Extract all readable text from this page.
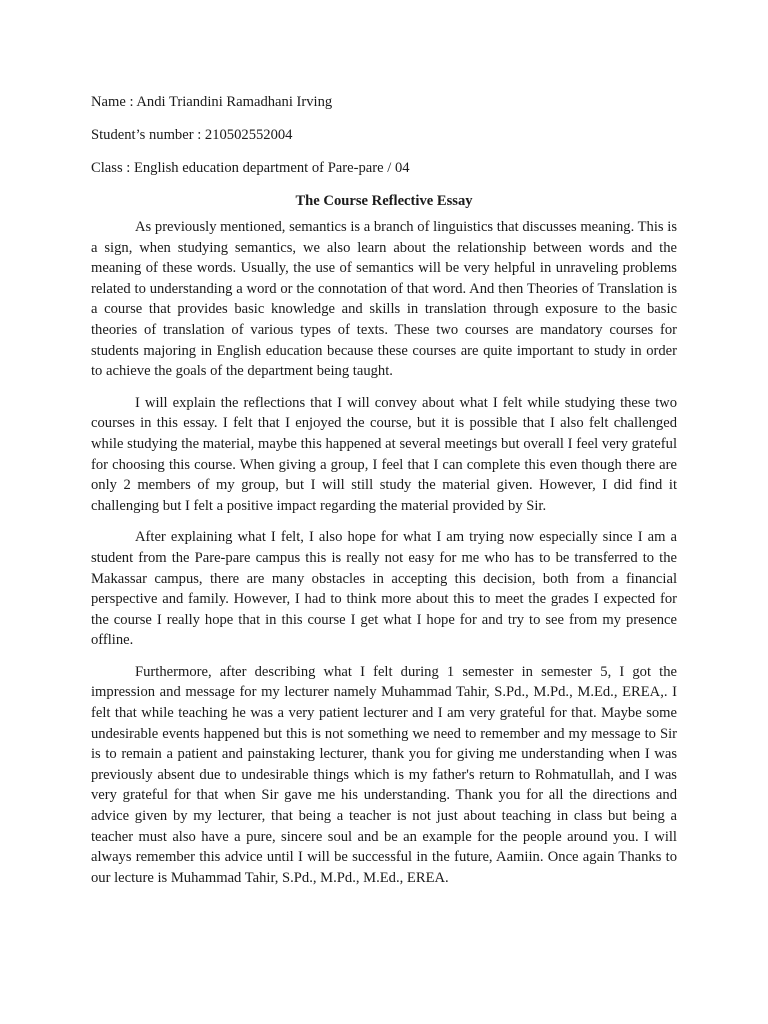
Name : Andi Triandini Ramadhani Irving

Student’s number : 210502552004

Class : English education department of Pare-pare / 04

The Course Reflective Essay

As previously mentioned, semantics is a branch of linguistics that discusses meaning. This is a sign, when studying semantics, we also learn about the relationship between words and the meaning of these words. Usually, the use of semantics will be very helpful in unraveling problems related to understanding a word or the connotation of that word. And then Theories of Translation is a course that provides basic knowledge and skills in translation through exposure to the basic theories of translation of various types of texts. These two courses are mandatory courses for students majoring in English education because these courses are quite important to study in order to achieve the goals of the department being taught.

I will explain the reflections that I will convey about what I felt while studying these two courses in this essay. I felt that I enjoyed the course, but it is possible that I also felt challenged while studying the material, maybe this happened at several meetings but overall I feel very grateful for choosing this course. When giving a group, I feel that I can complete this even though there are only 2 members of my group, but I will still study the material given. However, I did find it challenging but I felt a positive impact regarding the material provided by Sir.

After explaining what I felt, I also hope for what I am trying now especially since I am a student from the Pare-pare campus this is really not easy for me who has to be transferred to the Makassar campus, there are many obstacles in accepting this decision, both from a financial perspective and family. However, I had to think more about this to meet the grades I expected for the course I really hope that in this course I get what I hope for and try to see from my presence offline.

Furthermore, after describing what I felt during 1 semester in semester 5, I got the impression and message for my lecturer namely Muhammad Tahir, S.Pd., M.Pd., M.Ed., EREA,. I felt that while teaching he was a very patient lecturer and I am very grateful for that. Maybe some undesirable events happened but this is not something we need to remember and my message to Sir is to remain a patient and painstaking lecturer, thank you for giving me understanding when I was previously absent due to undesirable things which is my father's return to Rohmatullah, and I was very grateful for that when Sir gave me his understanding. Thank you for all the directions and advice given by my lecturer, that being a teacher is not just about teaching in class but being a teacher must also have a pure, sincere soul and be an example for the people around you. I will always remember this advice until I will be successful in the future, Aamiin. Once again Thanks to our lecture is Muhammad Tahir, S.Pd., M.Pd., M.Ed., EREA.
